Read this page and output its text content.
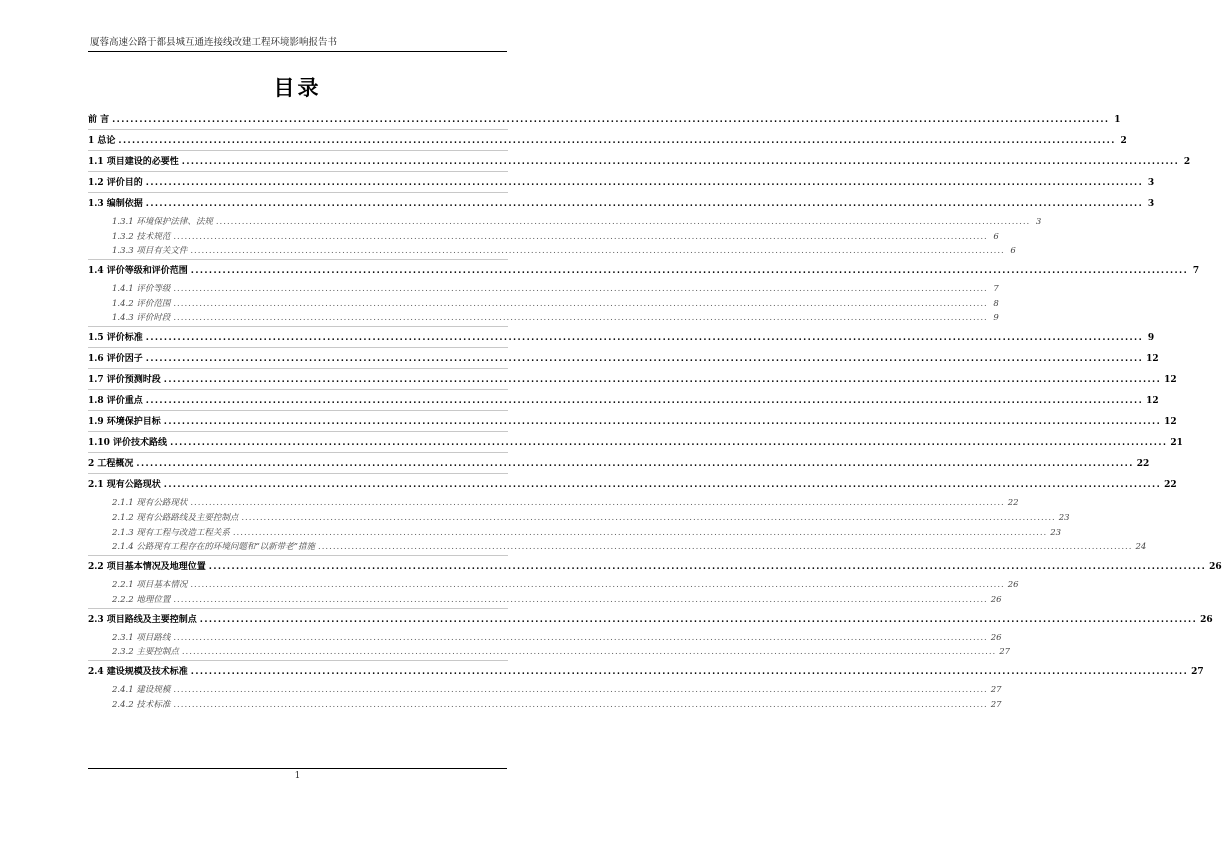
厦蓉高速公路于都县城互通连接线改建工程环境影响报告书
目录
前 言 ............................................................................................................................................................................................................................ 1
1 总论 ............................................................................................................................................................................................................................ 2
1.1 项目建设的必要性 ............................................................................................................................................................................................................................ 2
1.2 评价目的 ............................................................................................................................................................................................................................ 3
1.3 编制依据 ............................................................................................................................................................................................................................ 3
1.3.1 环境保护法律、法规 ............................................................................................................................................................................................................................ 3
1.3.2 技术规范 ............................................................................................................................................................................................................................ 6
1.3.3 项目有关文件 ............................................................................................................................................................................................................................ 6
1.4 评价等级和评价范围 ............................................................................................................................................................................................................................ 7
1.4.1 评价等级 ............................................................................................................................................................................................................................ 7
1.4.2 评价范围 ............................................................................................................................................................................................................................ 8
1.4.3 评价时段 ............................................................................................................................................................................................................................ 9
1.5 评价标准 ............................................................................................................................................................................................................................ 9
1.6 评价因子 ............................................................................................................................................................................................................................ 12
1.7 评价预测时段 ............................................................................................................................................................................................................................ 12
1.8 评价重点 ............................................................................................................................................................................................................................ 12
1.9 环境保护目标 ............................................................................................................................................................................................................................ 12
1.10 评价技术路线 ............................................................................................................................................................................................................................ 21
2 工程概况 ............................................................................................................................................................................................................................ 22
2.1 现有公路现状 ............................................................................................................................................................................................................................ 22
2.1.1 现有公路现状 ............................................................................................................................................................................................................................ 22
2.1.2 现有公路路线及主要控制点 ............................................................................................................................................................................................................................ 23
2.1.3 现有工程与改造工程关系 ............................................................................................................................................................................................................................ 23
2.1.4 公路现有工程存在的环境问题和“以新带老”措施 ............................................................................................................................................................................................................................ 24
2.2 项目基本情况及地理位置 ............................................................................................................................................................................................................................ 26
2.2.1 项目基本情况 ............................................................................................................................................................................................................................ 26
2.2.2 地理位置 ............................................................................................................................................................................................................................ 26
2.3 项目路线及主要控制点 ............................................................................................................................................................................................................................ 26
2.3.1 项目路线 ............................................................................................................................................................................................................................ 26
2.3.2 主要控制点 ............................................................................................................................................................................................................................ 27
2.4 建设规模及技术标准 ............................................................................................................................................................................................................................ 27
2.4.1 建设规模 ............................................................................................................................................................................................................................ 27
2.4.2 技术标准 ............................................................................................................................................................................................................................ 27
1
